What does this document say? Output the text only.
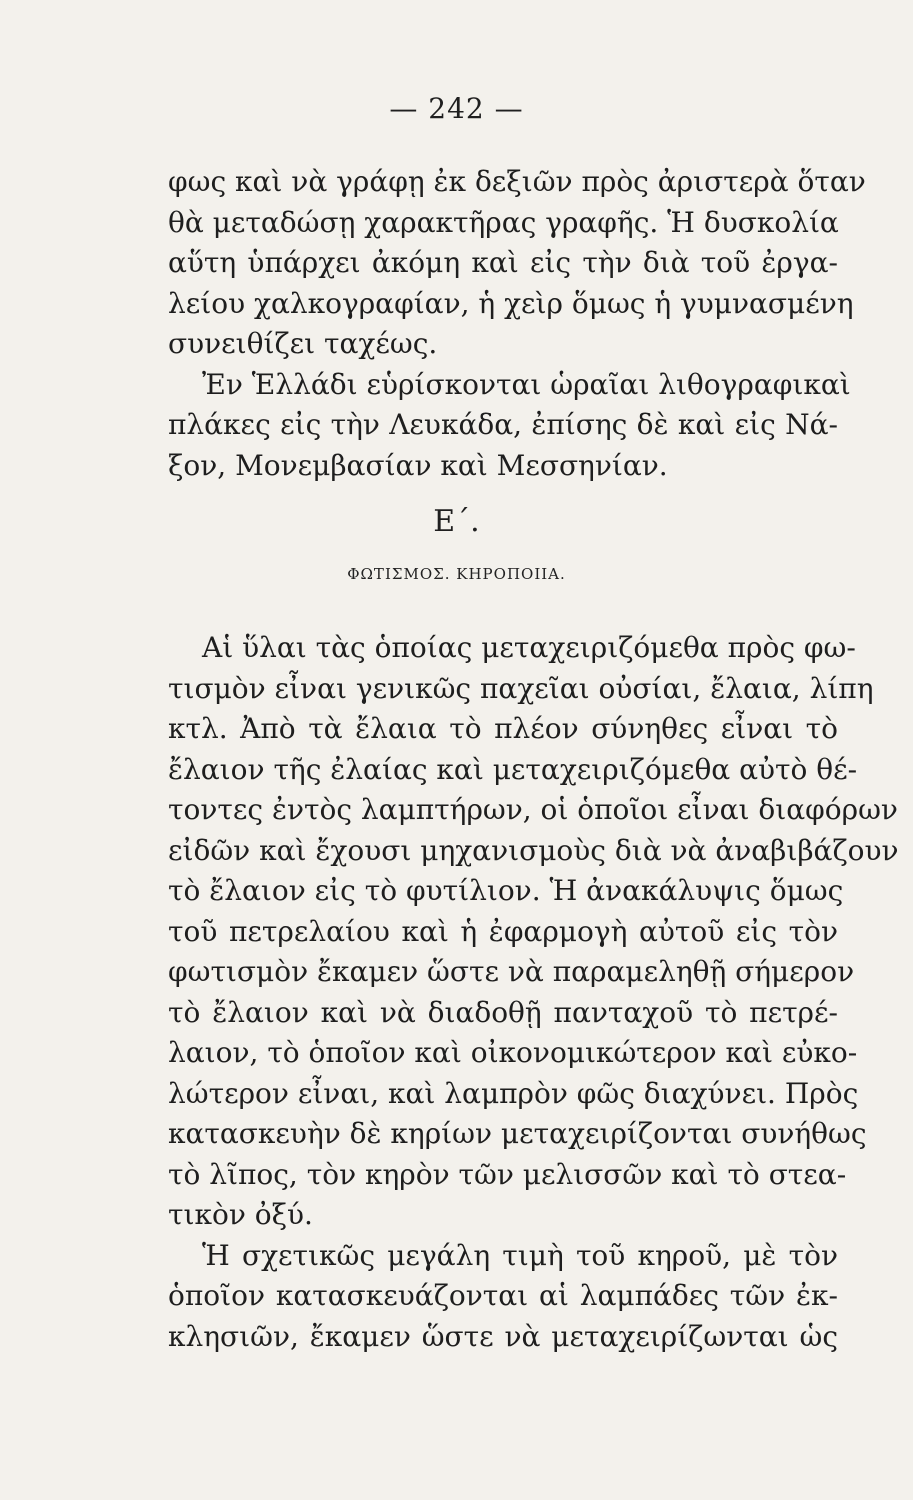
— 242 —
φως καὶ νὰ γράφῃ ἐκ δεξιῶν πρὸς ἀριστερὰ ὅταν
θὰ μεταδώσῃ χαρακτῆρας γραφῆς. Ἡ δυσκολία
αὕτη ὑπάρχει ἀκόμη καὶ εἰς τὴν διὰ τοῦ ἐργα-
λείου χαλκογραφίαν, ἡ χεὶρ ὅμως ἡ γυμνασμένη
συνειθίζει ταχέως.
Ἐν Ἑλλάδι εὑρίσκονται ὡραῖαι λιθογραφικαὶ
πλάκες εἰς τὴν Λευκάδα, ἐπίσης δὲ καὶ εἰς Νά-
ξον, Μονεμβασίαν καὶ Μεσσηνίαν.
Ε΄.
ΦΩΤΙΣΜΟΣ. ΚΗΡΟΠΟΙΙΑ.
Αἱ ὕλαι τὰς ὁποίας μεταχειριζόμεθα πρὸς φω-
τισμὸν εἶναι γενικῶς παχεῖαι οὐσίαι, ἔλαια, λίπη
κτλ. Ἀπὸ τὰ ἔλαια τὸ πλέον σύνηθες εἶναι τὸ
ἔλαιον τῆς ἐλαίας καὶ μεταχειριζόμεθα αὐτὸ θέ-
τοντες ἐντὸς λαμπτήρων, οἱ ὁποῖοι εἶναι διαφόρων
εἰδῶν καὶ ἔχουσι μηχανισμοὺς διὰ νὰ ἀναβιβάζουν
τὸ ἔλαιον εἰς τὸ φυτίλιον. Ἡ ἀνακάλυψις ὅμως
τοῦ πετρελαίου καὶ ἡ ἐφαρμογὴ αὐτοῦ εἰς τὸν
φωτισμὸν ἔκαμεν ὥστε νὰ παραμεληθῇ σήμερον
τὸ ἔλαιον καὶ νὰ διαδοθῇ πανταχοῦ τὸ πετρέ-
λαιον, τὸ ὁποῖον καὶ οἰκονομικώτερον καὶ εὐκο-
λώτερον εἶναι, καὶ λαμπρὸν φῶς διαχύνει. Πρὸς
κατασκευὴν δὲ κηρίων μεταχειρίζονται συνήθως
τὸ λῖπος, τὸν κηρὸν τῶν μελισσῶν καὶ τὸ στεα-
τικὸν ὀξύ.
Ἡ σχετικῶς μεγάλη τιμὴ τοῦ κηροῦ, μὲ τὸν
ὁποῖον κατασκευάζονται αἱ λαμπάδες τῶν ἐκ-
κλησιῶν, ἔκαμεν ὥστε νὰ μεταχειρίζωνται ὡς
